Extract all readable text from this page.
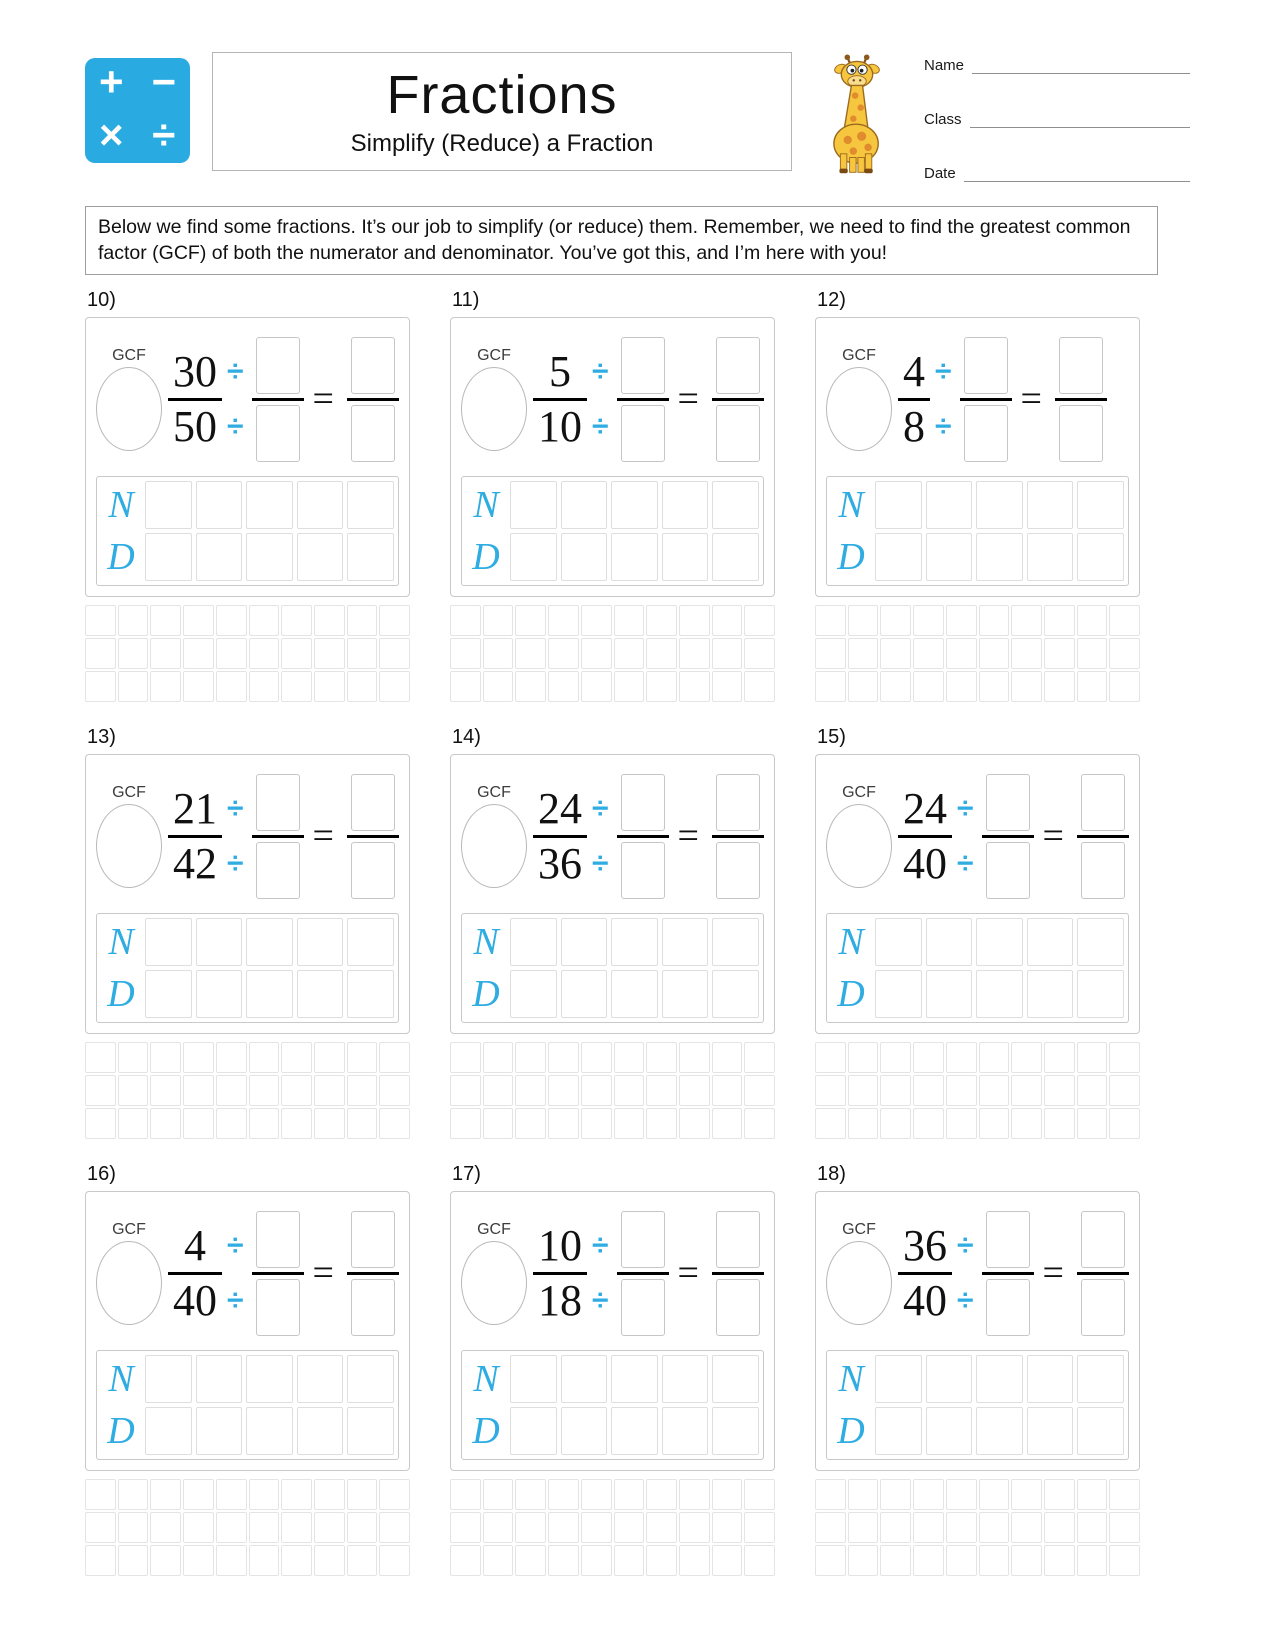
+ −
× ÷
Fractions
Simplify (Reduce) a Fraction
Name
Class
Date

Below we find some fractions. It’s our job to simplify (or reduce) them. Remember, we need to find the greatest common factor (GCF) of both the numerator and denominator. You’ve got this, and I’m here with you!

10)
GCF 30 ÷
50 ÷
=
N
D
11)
GCF 5 ÷
10 ÷
=
N
D
12)
GCF 4 ÷
8 ÷
=
N
D
13)
GCF 21 ÷
42 ÷
=
N
D
14)
GCF 24 ÷
36 ÷
=
N
D
15)
GCF 24 ÷
40 ÷
=
N
D
16)
GCF 4 ÷
40 ÷
=
N
D
17)
GCF 10 ÷
18 ÷
=
N
D
18)
GCF 36 ÷
40 ÷
=
N
D
